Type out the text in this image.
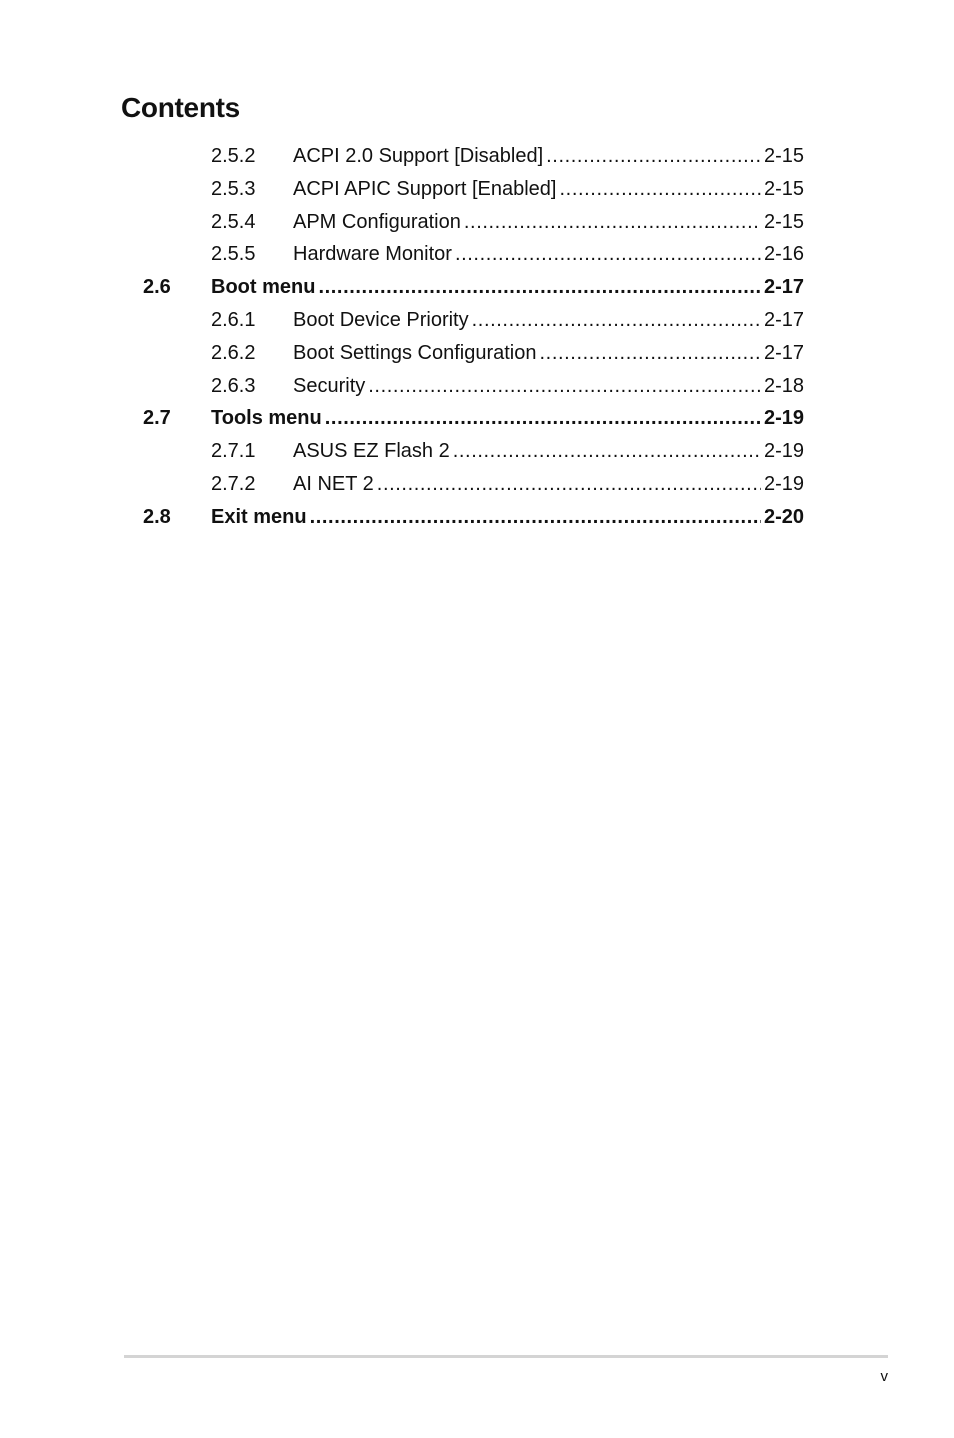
Contents
2.5.2 ACPI 2.0 Support [Disabled] .....	2-15
2.5.3 ACPI APIC Support [Enabled] .....	2-15
2.5.4 APM Configuration .....	2-15
2.5.5 Hardware Monitor .....	2-16
2.6 Boot menu .....	2-17
2.6.1 Boot Device Priority .....	2-17
2.6.2 Boot Settings Configuration .....	2-17
2.6.3 Security .....	2-18
2.7 Tools menu .....	2-19
2.7.1 ASUS EZ Flash 2 .....	2-19
2.7.2 AI NET 2 .....	2-19
2.8 Exit menu .....	2-20
v
